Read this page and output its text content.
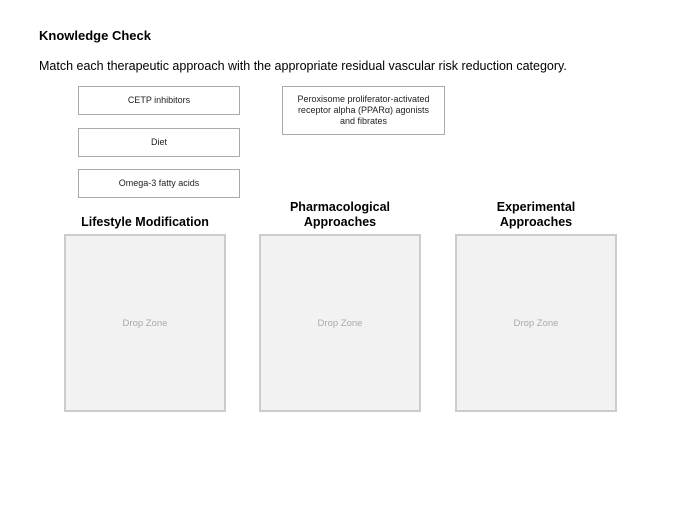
Knowledge Check
Match each therapeutic approach with the appropriate residual vascular risk reduction category.
CETP inhibitors
Diet
Omega-3 fatty acids
Peroxisome proliferator-activated
receptor alpha (PPARα) agonists
and fibrates
Lifestyle Modification
Pharmacological
Approaches
Experimental
Approaches
Drop Zone	Drop Zone	Drop Zone
